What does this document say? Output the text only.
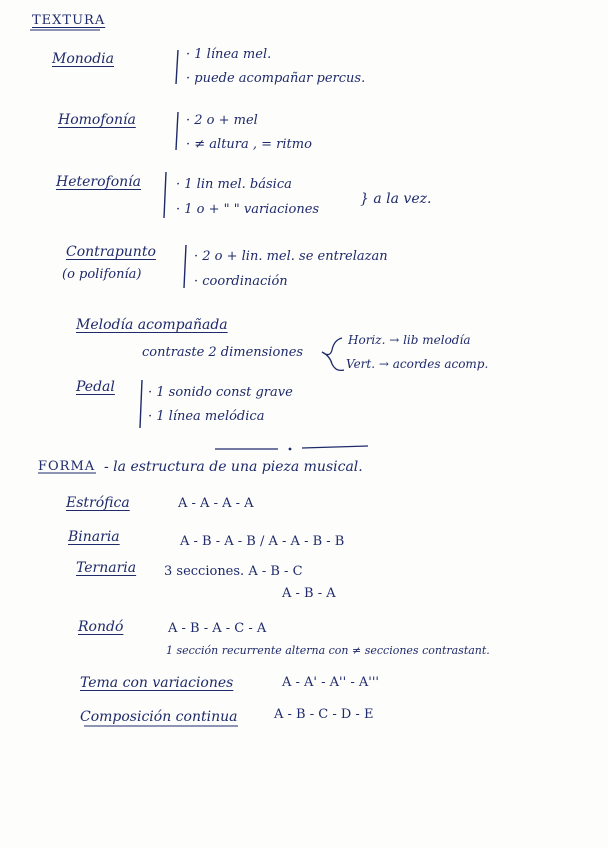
TEXTURA
Monodia	· 1 línea mel.
· puede acompañar percus.
Homofonía	· 2 o + mel
· ≠ altura , = ritmo
Heterofonía	· 1 lin mel. básica
· 1 o + " " variaciones
} a la vez.
Contrapunto
(o polifonía)
· 2 o + lin. mel. se entrelazan
· coordinación
Melodía acompañada
contraste 2 dimensiones
Horiz. → lib melodía
Vert. → acordes acomp.
Pedal	· 1 sonido const grave
· 1 línea melódica
FORMA - la estructura de una pieza musical.
Estrófica	A - A - A - A
Binaria	A - B - A - B / A - A - B - B
Ternaria 3 secciones. A - B - C
A - B - A
Rondó	A - B - A - C - A
1 sección recurrente alterna con ≠ secciones contrastant.
Tema con variaciones	A - A' - A'' - A'''
Composición continua	A - B - C - D - E
